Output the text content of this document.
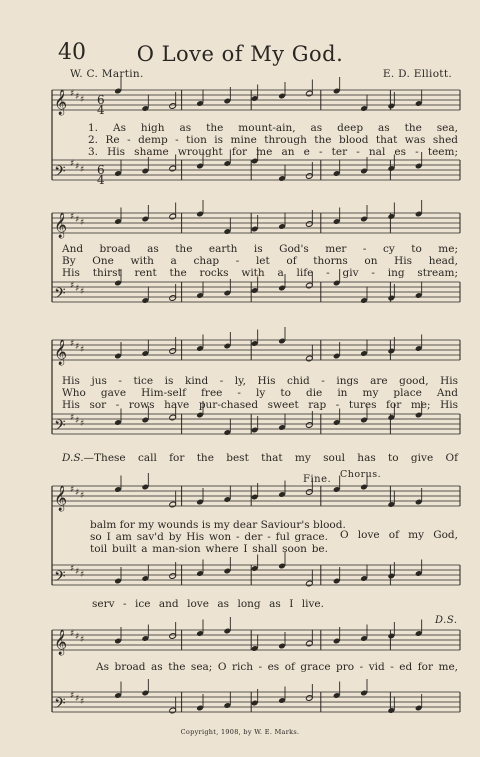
40	O Love of My God.
W. C. Martin.	E. D. Elliott.
𝄞 ♯ ♯ ♯
𝄢 ♯ ♯ ♯
𝄞 ♯ ♯ ♯
𝄢 ♯ ♯ ♯
𝄞 ♯ ♯ ♯
𝄢 ♯ ♯ ♯
𝄞 ♯ ♯ ♯
𝄢 ♯ ♯ ♯
𝄞 ♯ ♯ ♯
𝄢 ♯ ♯ ♯
6
4
6
4
1. As high as the mount-ain, as deep as the sea,
2. Re - demp - tion is mine through the blood that was shed
3. His shame wrought for me an e - ter - nal es - teem;
And broad as the earth is God's mer - cy to me;
By One with a chap - let of thorns on His head,
His thirst rent the rocks with a life - giv - ing stream;
His jus - tice is kind - ly, His chid - ings are good, His
Who gave Him-self free - ly to die in my place And
His sor - rows have pur-chased sweet rap - tures for me; His
D.S.—These call for the best that my soul has to give Of
Fine. Chorus.
balm for my wounds is my dear Saviour's blood.
so I am sav'd by His won - der - ful grace.
toil built a man-sion where I shall soon be.
O love of my God,
serv - ice and love as long as I live.
D.S.
As broad as the sea; O rich - es of grace pro - vid - ed for me,
Copyright, 1908, by W. E. Marks.
